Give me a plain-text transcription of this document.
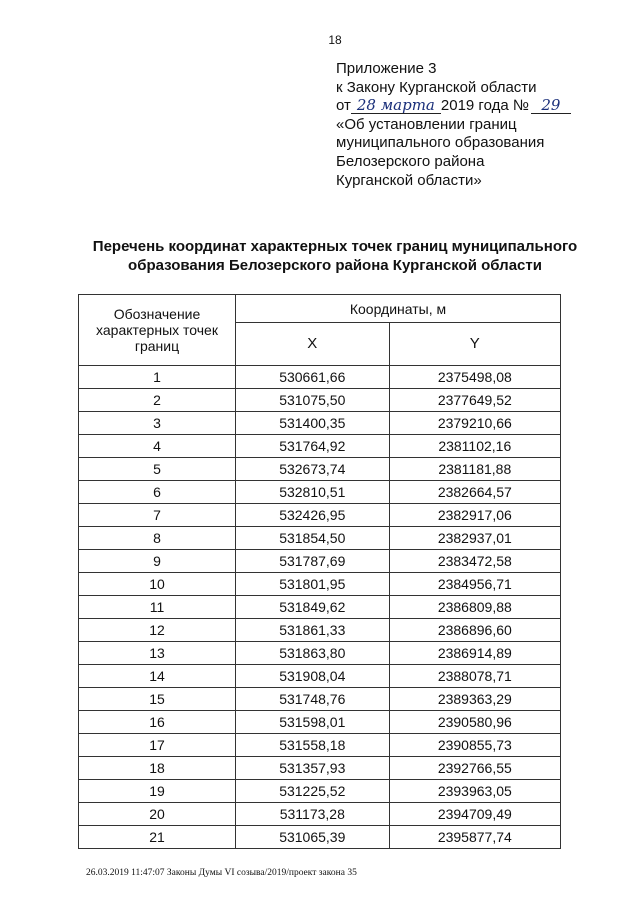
18
Приложение 3
к Закону Курганской области
от 28 марта 2019 года № 29
«Об установлении границ
муниципального образования
Белозерского района
Курганской области»
Перечень координат характерных точек границ муниципального
образования Белозерского района Курганской области
Обозначение характерных точек границ	Координаты, м	
	X	Y
1	530661,66	2375498,08
2	531075,50	2377649,52
3	531400,35	2379210,66
4	531764,92	2381102,16
5	532673,74	2381181,88
6	532810,51	2382664,57
7	532426,95	2382917,06
8	531854,50	2382937,01
9	531787,69	2383472,58
10	531801,95	2384956,71
11	531849,62	2386809,88
12	531861,33	2386896,60
13	531863,80	2386914,89
14	531908,04	2388078,71
15	531748,76	2389363,29
16	531598,01	2390580,96
17	531558,18	2390855,73
18	531357,93	2392766,55
19	531225,52	2393963,05
20	531173,28	2394709,49
21	531065,39	2395877,74
26.03.2019 11:47:07 Законы Думы VI созыва/2019/проект закона 35
